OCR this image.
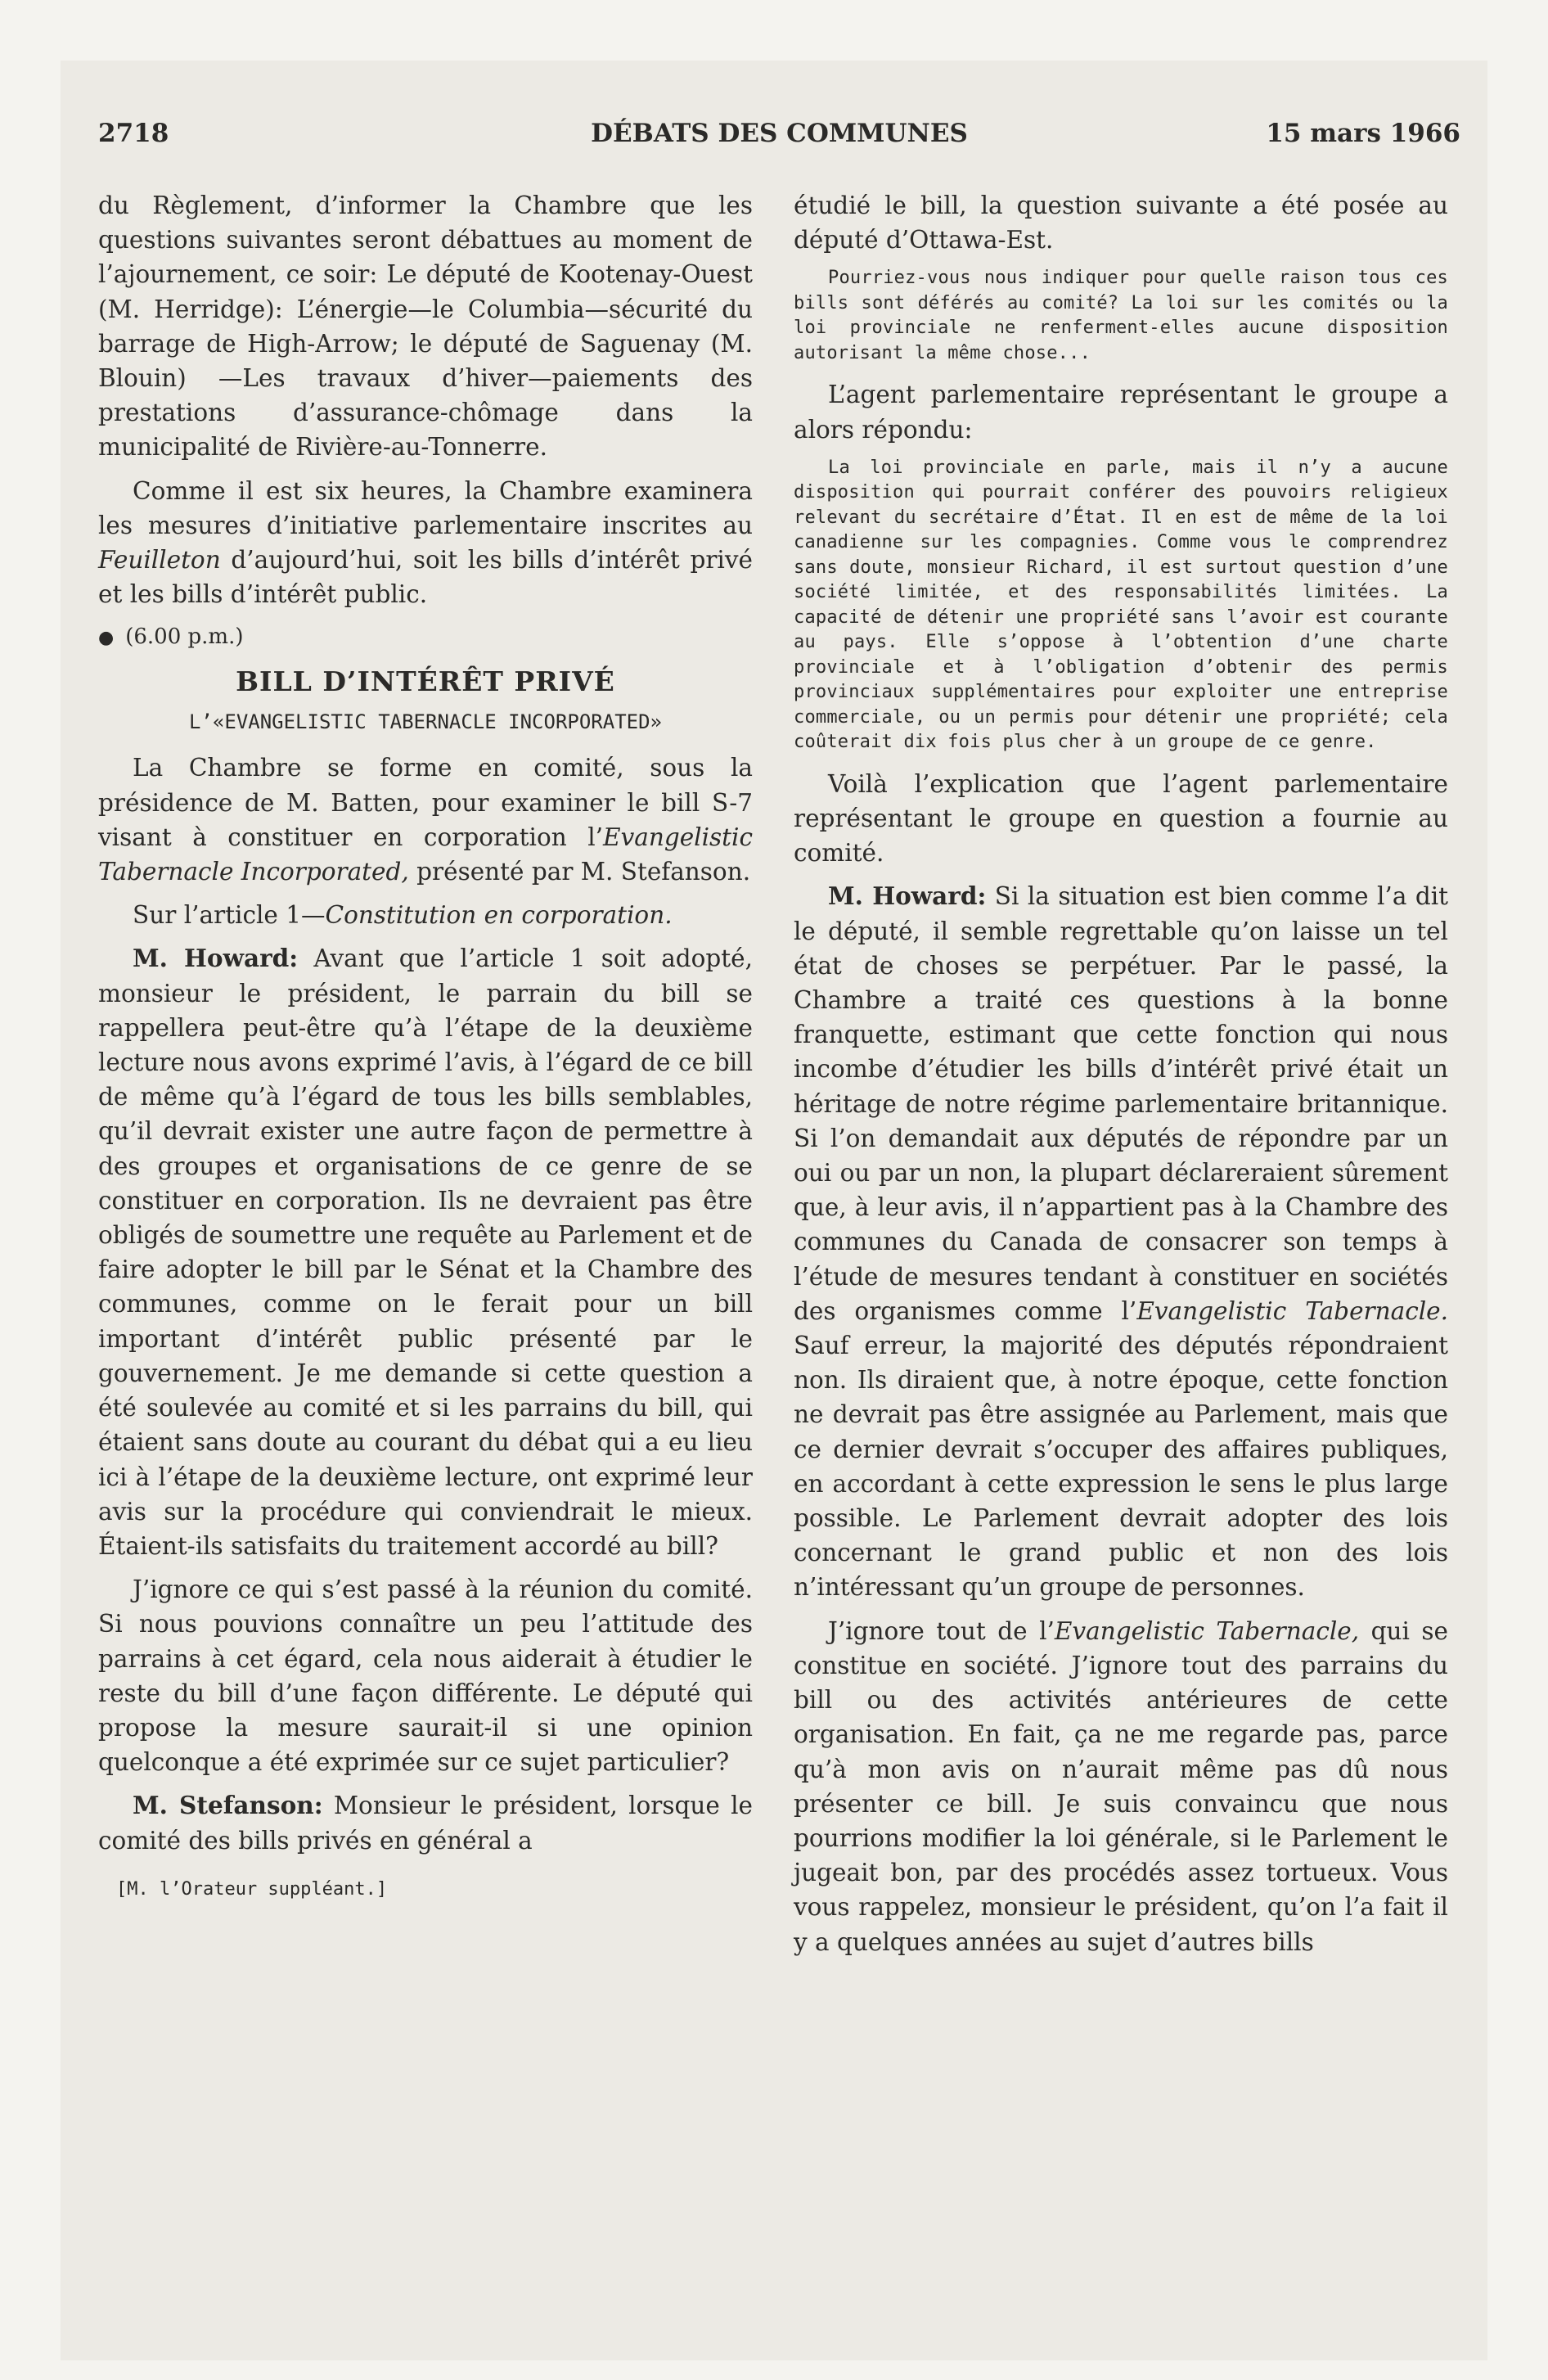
2718	DÉBATS DES COMMUNES	15 mars 1966

du Règlement, d’informer la Chambre que les questions suivantes seront débattues au moment de l’ajournement, ce soir: Le député de Kootenay-Ouest (M. Herridge): L’énergie—le Columbia—sécurité du barrage de High-Arrow; le député de Saguenay (M. Blouin) —Les travaux d’hiver—paiements des prestations d’assurance-chômage dans la municipalité de Rivière-au-Tonnerre.

Comme il est six heures, la Chambre examinera les mesures d’initiative parlementaire inscrites au Feuilleton d’aujourd’hui, soit les bills d’intérêt privé et les bills d’intérêt public.

● (6.00 p.m.)
BILL D’INTÉRÊT PRIVÉ
L’«EVANGELISTIC TABERNACLE INCORPORATED»

La Chambre se forme en comité, sous la présidence de M. Batten, pour examiner le bill S-7 visant à constituer en corporation l’Evangelistic Tabernacle Incorporated, présenté par M. Stefanson.

Sur l’article 1—Constitution en corporation.

M. Howard: Avant que l’article 1 soit adopté, monsieur le président, le parrain du bill se rappellera peut-être qu’à l’étape de la deuxième lecture nous avons exprimé l’avis, à l’égard de ce bill de même qu’à l’égard de tous les bills semblables, qu’il devrait exister une autre façon de permettre à des groupes et organisations de ce genre de se constituer en corporation. Ils ne devraient pas être obligés de soumettre une requête au Parlement et de faire adopter le bill par le Sénat et la Chambre des communes, comme on le ferait pour un bill important d’intérêt public présenté par le gouvernement. Je me demande si cette question a été soulevée au comité et si les parrains du bill, qui étaient sans doute au courant du débat qui a eu lieu ici à l’étape de la deuxième lecture, ont exprimé leur avis sur la procédure qui conviendrait le mieux. Étaient-ils satisfaits du traitement accordé au bill?

J’ignore ce qui s’est passé à la réunion du comité. Si nous pouvions connaître un peu l’attitude des parrains à cet égard, cela nous aiderait à étudier le reste du bill d’une façon différente. Le député qui propose la mesure saurait-il si une opinion quelconque a été exprimée sur ce sujet particulier?

M. Stefanson: Monsieur le président, lorsque le comité des bills privés en général a

[M. l’Orateur suppléant.]

étudié le bill, la question suivante a été posée au député d’Ottawa-Est.

Pourriez-vous nous indiquer pour quelle raison tous ces bills sont déférés au comité? La loi sur les comités ou la loi provinciale ne renferment-elles aucune disposition autorisant la même chose...

L’agent parlementaire représentant le groupe a alors répondu:

La loi provinciale en parle, mais il n’y a aucune disposition qui pourrait conférer des pouvoirs religieux relevant du secrétaire d’État. Il en est de même de la loi canadienne sur les compagnies. Comme vous le comprendrez sans doute, monsieur Richard, il est surtout question d’une société limitée, et des responsabilités limitées. La capacité de détenir une propriété sans l’avoir est courante au pays. Elle s’oppose à l’obtention d’une charte provinciale et à l’obligation d’obtenir des permis provinciaux supplémentaires pour exploiter une entreprise commerciale, ou un permis pour détenir une propriété; cela coûterait dix fois plus cher à un groupe de ce genre.

Voilà l’explication que l’agent parlementaire représentant le groupe en question a fournie au comité.

M. Howard: Si la situation est bien comme l’a dit le député, il semble regrettable qu’on laisse un tel état de choses se perpétuer. Par le passé, la Chambre a traité ces questions à la bonne franquette, estimant que cette fonction qui nous incombe d’étudier les bills d’intérêt privé était un héritage de notre régime parlementaire britannique. Si l’on demandait aux députés de répondre par un oui ou par un non, la plupart déclareraient sûrement que, à leur avis, il n’appartient pas à la Chambre des communes du Canada de consacrer son temps à l’étude de mesures tendant à constituer en sociétés des organismes comme l’Evangelistic Tabernacle. Sauf erreur, la majorité des députés répondraient non. Ils diraient que, à notre époque, cette fonction ne devrait pas être assignée au Parlement, mais que ce dernier devrait s’occuper des affaires publiques, en accordant à cette expression le sens le plus large possible. Le Parlement devrait adopter des lois concernant le grand public et non des lois n’intéressant qu’un groupe de personnes.

J’ignore tout de l’Evangelistic Tabernacle, qui se constitue en société. J’ignore tout des parrains du bill ou des activités antérieures de cette organisation. En fait, ça ne me regarde pas, parce qu’à mon avis on n’aurait même pas dû nous présenter ce bill. Je suis convaincu que nous pourrions modifier la loi générale, si le Parlement le jugeait bon, par des procédés assez tortueux. Vous vous rappelez, monsieur le président, qu’on l’a fait il y a quelques années au sujet d’autres bills
